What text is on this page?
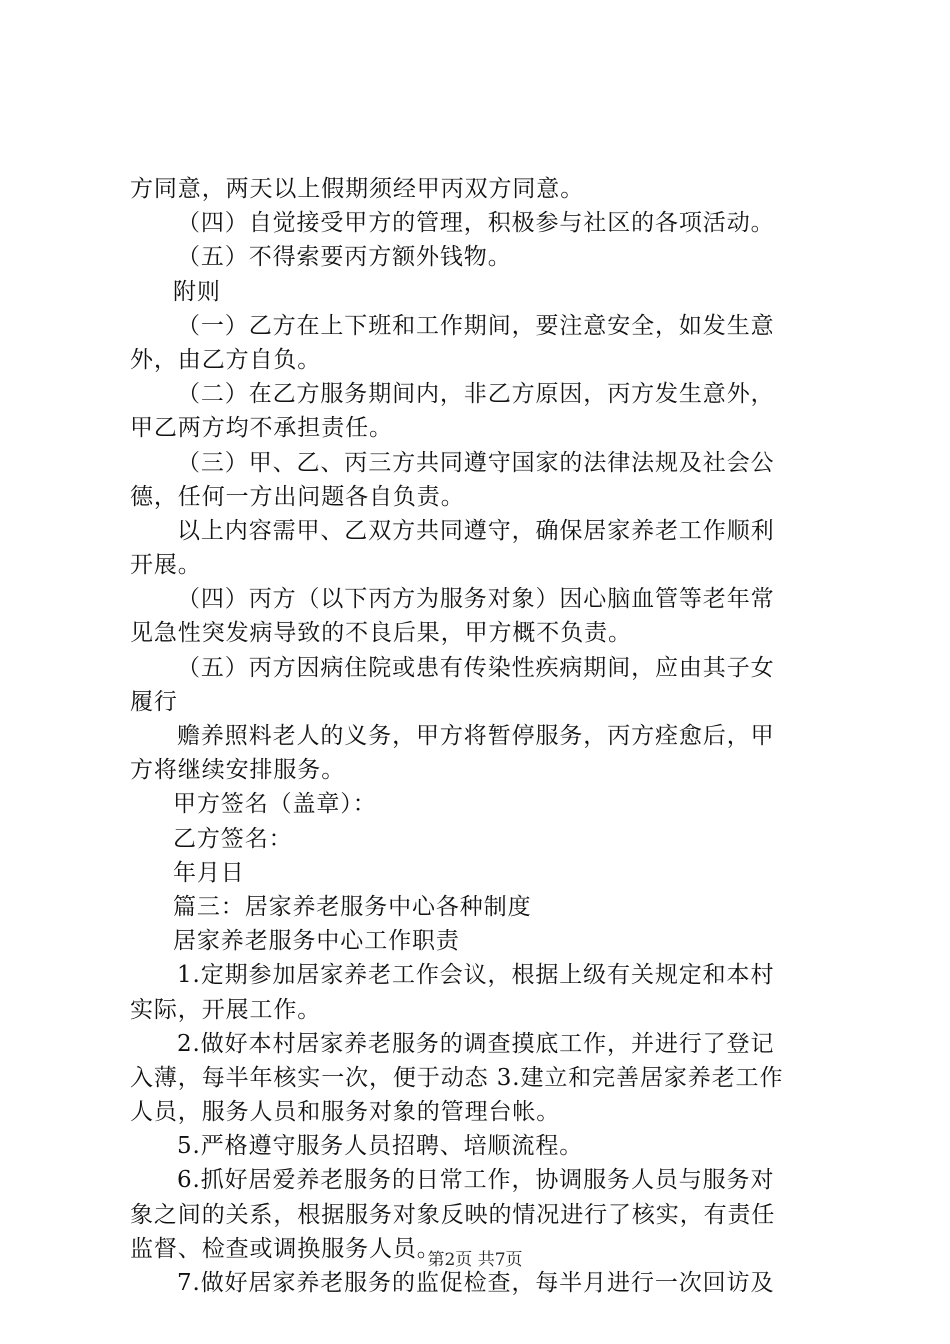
方同意，两天以上假期须经甲丙双方同意。
（四）自觉接受甲方的管理，积极参与社区的各项活动。
（五）不得索要丙方额外钱物。
附则
（一）乙方在上下班和工作期间，要注意安全，如发生意
外，由乙方自负。
（二）在乙方服务期间内，非乙方原因，丙方发生意外，
甲乙两方均不承担责任。
（三）甲、乙、丙三方共同遵守国家的法律法规及社会公
德，任何一方出问题各自负责。
以上内容需甲、乙双方共同遵守，确保居家养老工作顺利
开展。
（四）丙方（以下丙方为服务对象）因心脑血管等老年常
见急性突发病导致的不良后果，甲方概不负责。
（五）丙方因病住院或患有传染性疾病期间，应由其子女
履行
赡养照料老人的义务，甲方将暂停服务，丙方痊愈后，甲
方将继续安排服务。
甲方签名（盖章）：
乙方签名：
年月日
篇三：居家养老服务中心各种制度
居家养老服务中心工作职责
1.定期参加居家养老工作会议，根据上级有关规定和本村
实际，开展工作。
2.做好本村居家养老服务的调查摸底工作，并进行了登记
入薄，每半年核实一次，便于动态 3.建立和完善居家养老工作
人员，服务人员和服务对象的管理台帐。
5.严格遵守服务人员招聘、培顺流程。
6.抓好居爱养老服务的日常工作，协调服务人员与服务对
象之间的关系，根据服务对象反映的情况进行了核实，有责任
监督、检查或调换服务人员。
7.做好居家养老服务的监促检查，每半月进行一次回访及
第2页 共7页
